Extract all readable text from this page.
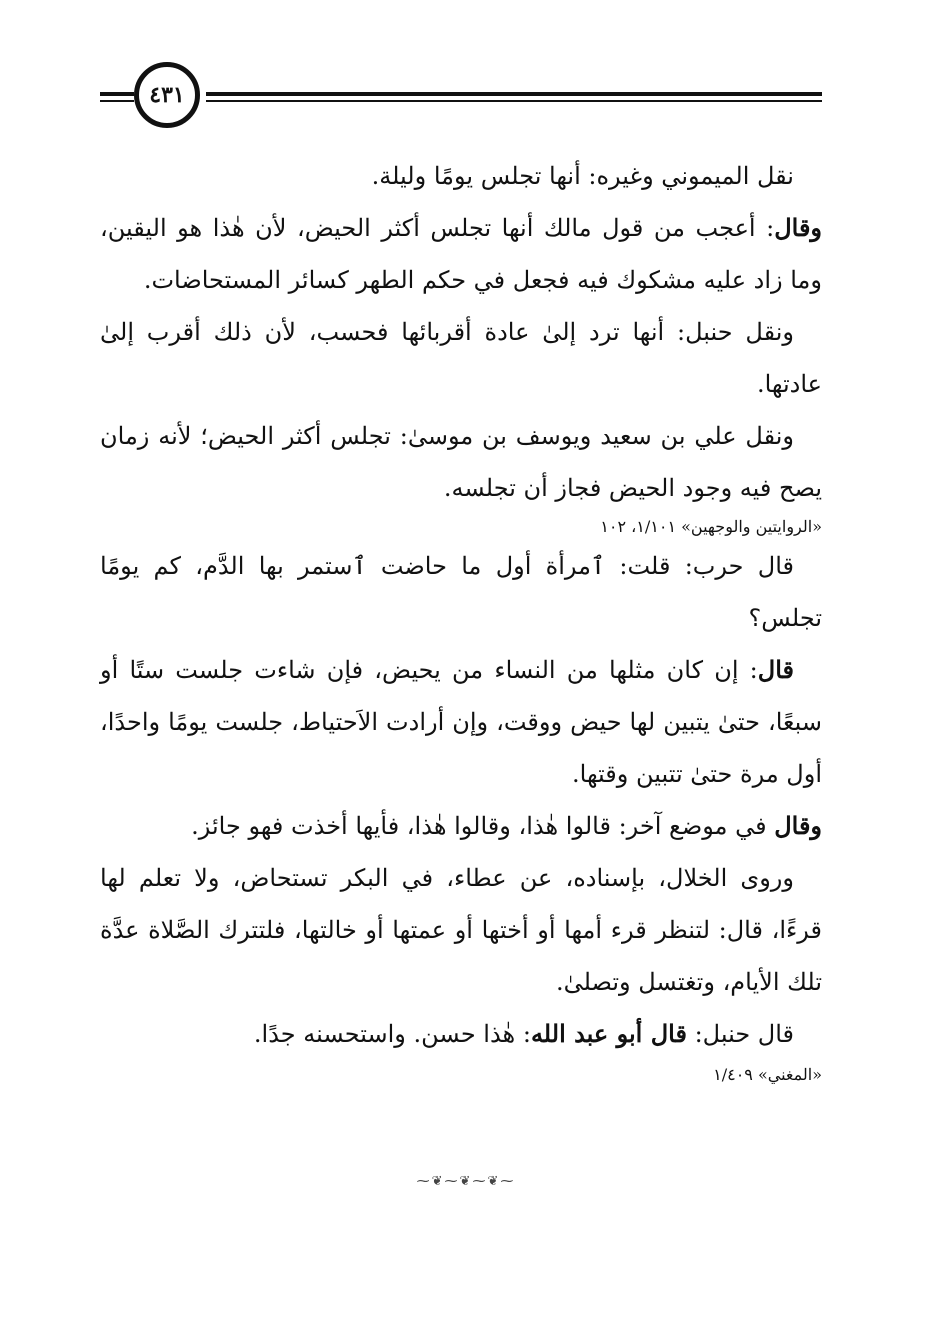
٤٣١

نقل الميموني وغيره: أنها تجلس يومًا وليلة.

وقال: أعجب من قول مالك أنها تجلس أكثر الحيض، لأن هٰذا هو اليقين، وما زاد عليه مشكوك فيه فجعل في حكم الطهر كسائر المستحاضات.

ونقل حنبل: أنها ترد إلىٰ عادة أقربائها فحسب، لأن ذلك أقرب إلىٰ عادتها.

ونقل علي بن سعيد ويوسف بن موسىٰ: تجلس أكثر الحيض؛ لأنه زمان يصح فيه وجود الحيض فجاز أن تجلسه.

«الروايتين والوجهين» ١/١٠١، ١٠٢

قال حرب: قلت: ٱمرأة أول ما حاضت ٱستمر بها الدَّم، كم يومًا تجلس؟

قال: إن كان مثلها من النساء من يحيض، فإن شاءت جلست ستًا أو سبعًا، حتىٰ يتبين لها حيض ووقت، وإن أرادت الاَحتياط، جلست يومًا واحدًا، أول مرة حتىٰ تتبين وقتها.

وقال في موضع آخر: قالوا هٰذا، وقالوا هٰذا، فأيها أخذت فهو جائز.

وروى الخلال، بإسناده، عن عطاء، في البكر تستحاض، ولا تعلم لها قرءًا، قال: لتنظر قرء أمها أو أختها أو عمتها أو خالتها، فلتترك الصَّلاة عدَّة تلك الأيام، وتغتسل وتصلىٰ.

قال حنبل: قال أبو عبد الله: هٰذا حسن. واستحسنه جدًا.

«المغني» ١/٤٠٩

⁓❦⁓❦⁓❦⁓
